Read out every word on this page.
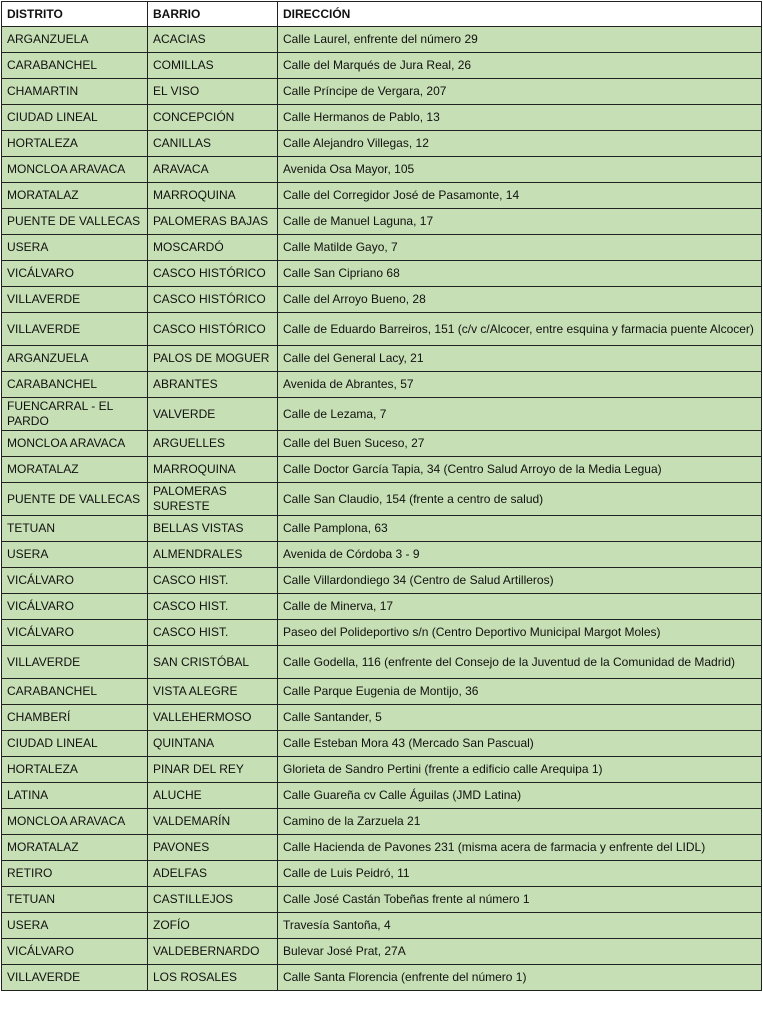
DISTRITO	BARRIO	DIRECCIÓN
ARGANZUELA	ACACIAS	Calle Laurel, enfrente del número 29
CARABANCHEL	COMILLAS	Calle del Marqués de Jura Real, 26
CHAMARTIN	EL VISO	Calle Príncipe de Vergara, 207
CIUDAD LINEAL	CONCEPCIÓN	Calle Hermanos de Pablo, 13
HORTALEZA	CANILLAS	Calle Alejandro Villegas, 12
MONCLOA ARAVACA	ARAVACA	Avenida Osa Mayor, 105
MORATALAZ	MARROQUINA	Calle del Corregidor José de Pasamonte, 14
PUENTE DE VALLECAS	PALOMERAS BAJAS	Calle de Manuel Laguna, 17
USERA	MOSCARDÓ	Calle Matilde Gayo, 7
VICÁLVARO	CASCO HISTÓRICO	Calle San Cipriano 68
VILLAVERDE	CASCO HISTÓRICO	Calle del Arroyo Bueno, 28
VILLAVERDE	CASCO HISTÓRICO	Calle de Eduardo Barreiros, 151 (c/v c/Alcocer, entre esquina y farmacia puente Alcocer)
ARGANZUELA	PALOS DE MOGUER	Calle del General Lacy, 21
CARABANCHEL	ABRANTES	Avenida de Abrantes, 57
FUENCARRAL - EL PARDO	VALVERDE	Calle de Lezama, 7
MONCLOA ARAVACA	ARGUELLES	Calle del Buen Suceso, 27
MORATALAZ	MARROQUINA	Calle Doctor García Tapia, 34 (Centro Salud Arroyo de la Media Legua)
PUENTE DE VALLECAS	PALOMERAS SURESTE	Calle San Claudio, 154 (frente a centro de salud)
TETUAN	BELLAS VISTAS	Calle Pamplona, 63
USERA	ALMENDRALES	Avenida de Córdoba 3 - 9
VICÁLVARO	CASCO HIST.	Calle Villardondiego 34 (Centro de Salud Artilleros)
VICÁLVARO	CASCO HIST.	Calle de Minerva, 17
VICÁLVARO	CASCO HIST.	Paseo del Polideportivo s/n (Centro Deportivo Municipal Margot Moles)
VILLAVERDE	SAN CRISTÓBAL	Calle Godella, 116 (enfrente del Consejo de la Juventud de la Comunidad de Madrid)
CARABANCHEL	VISTA ALEGRE	Calle Parque Eugenia de Montijo, 36
CHAMBERÍ	VALLEHERMOSO	Calle Santander, 5
CIUDAD LINEAL	QUINTANA	Calle Esteban Mora 43 (Mercado San Pascual)
HORTALEZA	PINAR DEL REY	Glorieta de Sandro Pertini (frente a edificio calle Arequipa 1)
LATINA	ALUCHE	Calle Guareña cv Calle Águilas (JMD Latina)
MONCLOA ARAVACA	VALDEMARÍN	Camino de la Zarzuela 21
MORATALAZ	PAVONES	Calle Hacienda de Pavones 231 (misma acera de farmacia y enfrente del LIDL)
RETIRO	ADELFAS	Calle de Luis Peidró, 11
TETUAN	CASTILLEJOS	Calle José Castán Tobeñas frente al número 1
USERA	ZOFÍO	Travesía Santoña, 4
VICÁLVARO	VALDEBERNARDO	Bulevar José Prat, 27A
VILLAVERDE	LOS ROSALES	Calle Santa Florencia (enfrente del número 1)
